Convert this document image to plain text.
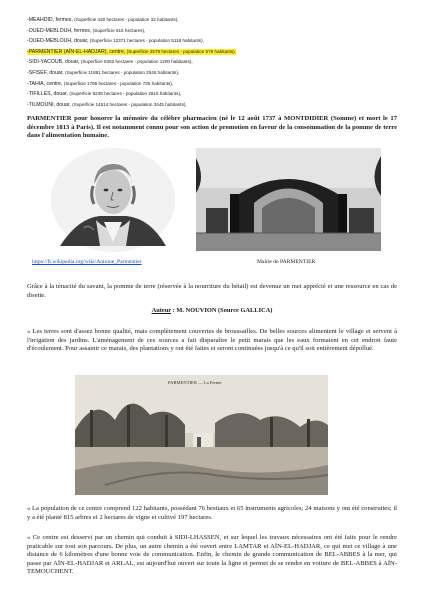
-MEAHDID, fermes, (Superficie 420 hectares - population 32 habitants),
-OUED-MEBLOUH, fermes, (Superficie 615 hectares),
-OUED-MEBLOUH, douar, (Superficie 12371 hectares - population 5118 habitants),
-PARMENTIER (AÏN-EL-HADJAR), centre, (Superficie 2579 hectares - population 579 habitants),
-SIDI-YACOUB, douar, (Superficie 8262 hectares - population 1200 habitants),
-SFISEF, douar, (Superficie 11881 hectares - population 2545 habitants),
-TAHIA, centre, (Superficie 1795 hectares - population 725 habitants),
-TIFILLES, douar, (Superficie 8235 hectares - population 2815 habitants),
-TILMOUNI, douar, (Superficie 14514 hectares - population 3445 habitants),
PARMENTIER pour honorer la mémoire du célèbre pharmacien (né le 12 août 1737 à MONTDIDIER (Somme) et mort le 17 décembre 1813 à Paris). Il est notamment connu pour son action de promotion en faveur de la consommation de la pomme de terre dans l'alimentation humaine.
https://fr.wikipedia.org/wiki/Antoine_Parmentier	Mairie de PARMENTIER
Grâce à la ténacité du savant, la pomme de terre (réservée à la nourriture du bétail) est devenue un met apprécié et une ressource en cas de disette.
Auteur : M. NOUVION (Source GALLICA)
« Les terres sont d'assez bonne qualité, mais complètement couvertes de broussailles. De belles sources alimentent le village et servent à l'irrigation des jardins. L'aménagement de ces sources a fait disparaître le petit marais que les eaux formaient en cet endroit faute d'écoulement. Pour assainir ce marais, des plantations y ont été faites et seront continuées jusqu'à ce qu'il soit entièrement dépollué.
PARMENTIER — La Ferme
« La population de ce centre comprend 122 habitants, possédant 76 bestiaux et 65 instruments agricoles; 24 maisons y ont été construites; il y a été planté 815 arbres et 2 hectares de vigne et cultivé 197 hectares.
« Ce centre est desservi par un chemin qui conduit à SIDI-LHASSEN, et sur lequel les travaux nécessaires ont été faits pour le rendre praticable sur tout son parcours. De plus, un autre chemin a été ouvert entre LAMTAR et AÏN-EL-HADJAR, ce qui met ce village à une distance de 6 kilomètres d'une bonne voie de communication. Enfin, le chemin de grande communication de BEL-ABBES à la mer, qui passe par AÏN-EL-HADJAR et ARLAL, est aujourd'hui ouvert sur toute la ligne et permet de se rendre en voiture de BEL-ABBES à AÏN-TEMOUCHENT.
